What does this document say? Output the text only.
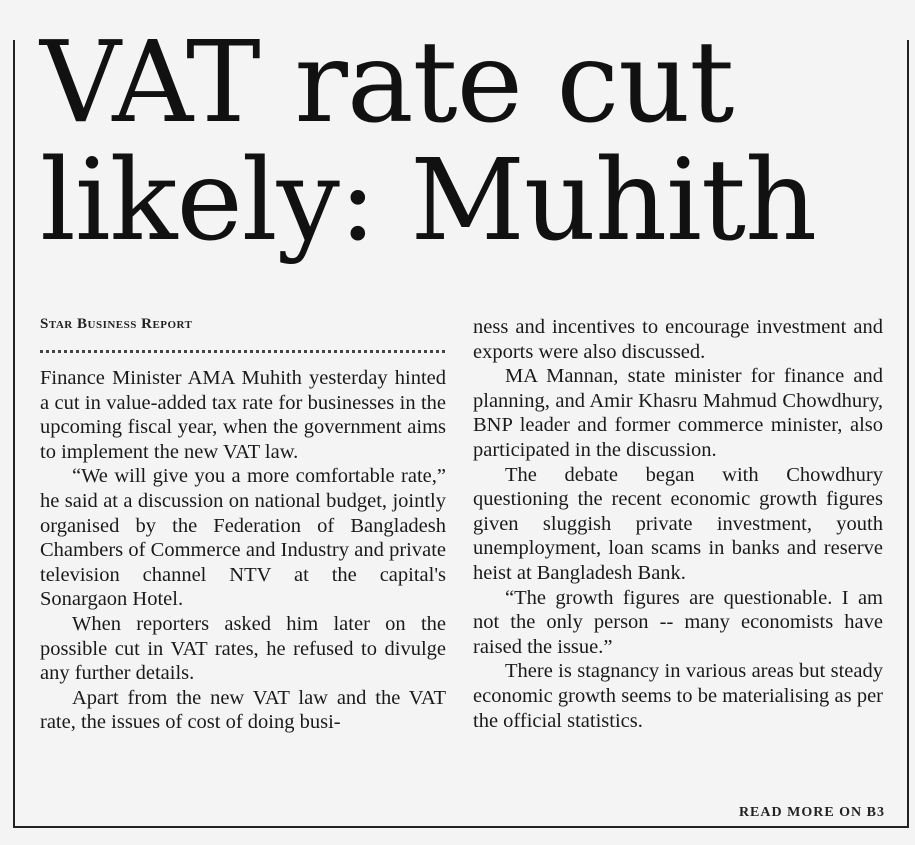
VAT rate cut
likely: Muhith
Star Business Report

Finance Minister AMA Muhith yesterday hinted a cut in value-added tax rate for businesses in the upcoming fiscal year, when the government aims to implement the new VAT law.

“We will give you a more comfortable rate,” he said at a discussion on national budget, jointly organised by the Federation of Bangladesh Chambers of Commerce and Industry and private television channel NTV at the capital's Sonargaon Hotel.

When reporters asked him later on the possible cut in VAT rates, he refused to divulge any further details.

Apart from the new VAT law and the VAT rate, the issues of cost of doing busi-

ness and incentives to encourage investment and exports were also discussed.

MA Mannan, state minister for finance and planning, and Amir Khasru Mahmud Chowdhury, BNP leader and former commerce minister, also participated in the discussion.

The debate began with Chowdhury questioning the recent economic growth figures given sluggish private investment, youth unemployment, loan scams in banks and reserve heist at Bangladesh Bank.

“The growth figures are questionable. I am not the only person -- many economists have raised the issue.”

There is stagnancy in various areas but steady economic growth seems to be materialising as per the official statistics.

READ MORE ON B3
